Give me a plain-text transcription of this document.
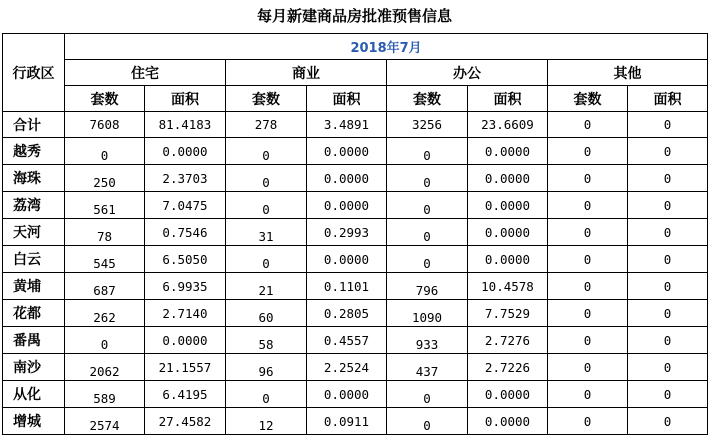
每月新建商品房批准预售信息
行政区	2018年7月							
	住宅		商业		办公		其他	
	套数	面积	套数	面积	套数	面积	套数	面积
合计	7608	81.4183	278	3.4891	3256	23.6609	0	0
越秀	0	0.0000	0	0.0000	0	0.0000	0	0
海珠	250	2.3703	0	0.0000	0	0.0000	0	0
荔湾	561	7.0475	0	0.0000	0	0.0000	0	0
天河	78	0.7546	31	0.2993	0	0.0000	0	0
白云	545	6.5050	0	0.0000	0	0.0000	0	0
黄埔	687	6.9935	21	0.1101	796	10.4578	0	0
花都	262	2.7140	60	0.2805	1090	7.7529	0	0
番禺	0	0.0000	58	0.4557	933	2.7276	0	0
南沙	2062	21.1557	96	2.2524	437	2.7226	0	0
从化	589	6.4195	0	0.0000	0	0.0000	0	0
增城	2574	27.4582	12	0.0911	0	0.0000	0	0
